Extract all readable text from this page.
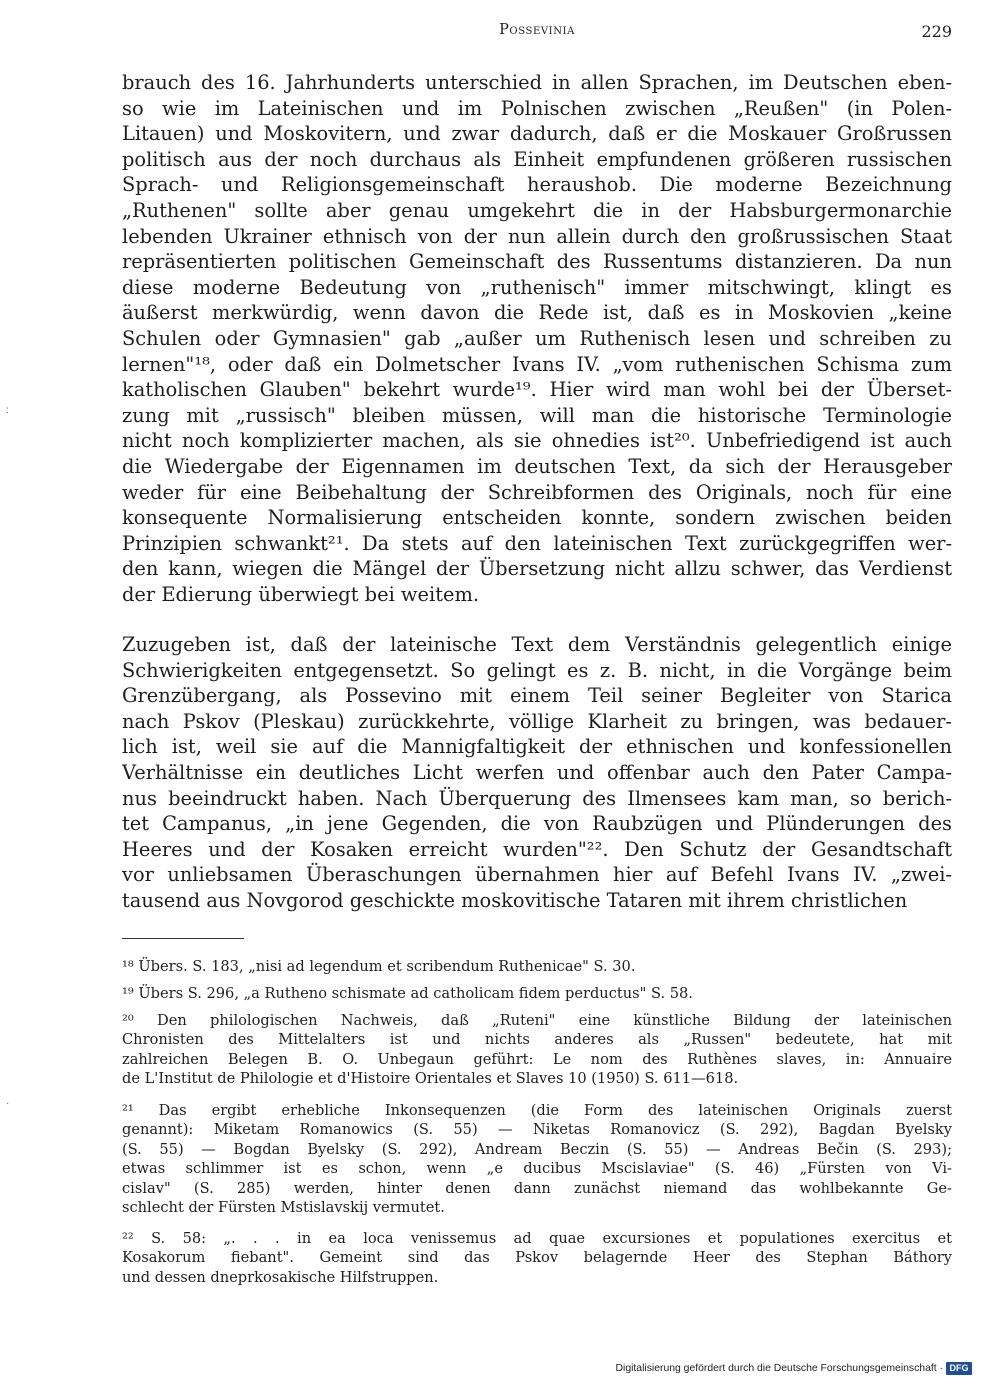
Possevinia	229
:
·
brauch des 16. Jahrhunderts unterschied in allen Sprachen, im Deutschen eben-
so wie im Lateinischen und im Polnischen zwischen „Reußen" (in Polen-
Litauen) und Moskovitern, und zwar dadurch, daß er die Moskauer Großrussen
politisch aus der noch durchaus als Einheit empfundenen größeren russischen
Sprach- und Religionsgemeinschaft heraushob. Die moderne Bezeichnung
„Ruthenen" sollte aber genau umgekehrt die in der Habsburgermonarchie
lebenden Ukrainer ethnisch von der nun allein durch den großrussischen Staat
repräsentierten politischen Gemeinschaft des Russentums distanzieren. Da nun
diese moderne Bedeutung von „ruthenisch" immer mitschwingt, klingt es
äußerst merkwürdig, wenn davon die Rede ist, daß es in Moskovien „keine
Schulen oder Gymnasien" gab „außer um Ruthenisch lesen und schreiben zu
lernen"¹⁸, oder daß ein Dolmetscher Ivans IV. „vom ruthenischen Schisma zum
katholischen Glauben" bekehrt wurde¹⁹. Hier wird man wohl bei der Überset-
zung mit „russisch" bleiben müssen, will man die historische Terminologie
nicht noch komplizierter machen, als sie ohnedies ist²⁰. Unbefriedigend ist auch
die Wiedergabe der Eigennamen im deutschen Text, da sich der Herausgeber
weder für eine Beibehaltung der Schreibformen des Originals, noch für eine
konsequente Normalisierung entscheiden konnte, sondern zwischen beiden
Prinzipien schwankt²¹. Da stets auf den lateinischen Text zurückgegriffen wer-
den kann, wiegen die Mängel der Übersetzung nicht allzu schwer, das Verdienst
der Edierung überwiegt bei weitem.
Zuzugeben ist, daß der lateinische Text dem Verständnis gelegentlich einige
Schwierigkeiten entgegensetzt. So gelingt es z. B. nicht, in die Vorgänge beim
Grenzübergang, als Possevino mit einem Teil seiner Begleiter von Starica
nach Pskov (Pleskau) zurückkehrte, völlige Klarheit zu bringen, was bedauer-
lich ist, weil sie auf die Mannigfaltigkeit der ethnischen und konfessionellen
Verhältnisse ein deutliches Licht werfen und offenbar auch den Pater Campa-
nus beeindruckt haben. Nach Überquerung des Ilmensees kam man, so berich-
tet Campanus, „in jene Gegenden, die von Raubzügen und Plünderungen des
Heeres und der Kosaken erreicht wurden"²². Den Schutz der Gesandtschaft
vor unliebsamen Überaschungen übernahmen hier auf Befehl Ivans IV. „zwei-
tausend aus Novgorod geschickte moskovitische Tataren mit ihrem christlichen
¹⁸ Übers. S. 183, „nisi ad legendum et scribendum Ruthenicae" S. 30.
¹⁹ Übers S. 296, „a Rutheno schismate ad catholicam fidem perductus" S. 58.
²⁰ Den philologischen Nachweis, daß „Ruteni" eine künstliche Bildung der lateinischen
Chronisten des Mittelalters ist und nichts anderes als „Russen" bedeutete, hat mit
zahlreichen Belegen B. O. Unbegaun geführt: Le nom des Ruthènes slaves, in: Annuaire
de L'Institut de Philologie et d'Histoire Orientales et Slaves 10 (1950) S. 611—618.
²¹ Das ergibt erhebliche Inkonsequenzen (die Form des lateinischen Originals zuerst
genannt): Miketam Romanowics (S. 55) — Niketas Romanovicz (S. 292), Bagdan Byelsky
(S. 55) — Bogdan Byelsky (S. 292), Andream Beczin (S. 55) — Andreas Bečin (S. 293);
etwas schlimmer ist es schon, wenn „e ducibus Mscislaviae" (S. 46) „Fürsten von Vi-
cislav" (S. 285) werden, hinter denen dann zunächst niemand das wohlbekannte Ge-
schlecht der Fürsten Mstislavskij vermutet.
²² S. 58: „. . . in ea loca venissemus ad quae excursiones et populationes exercitus et
Kosakorum fiebant". Gemeint sind das Pskov belagernde Heer des Stephan Báthory
und dessen dneprkosakische Hilfstruppen.
Digitalisierung gefördert durch die Deutsche Forschungsgemeinschaft · DFG
